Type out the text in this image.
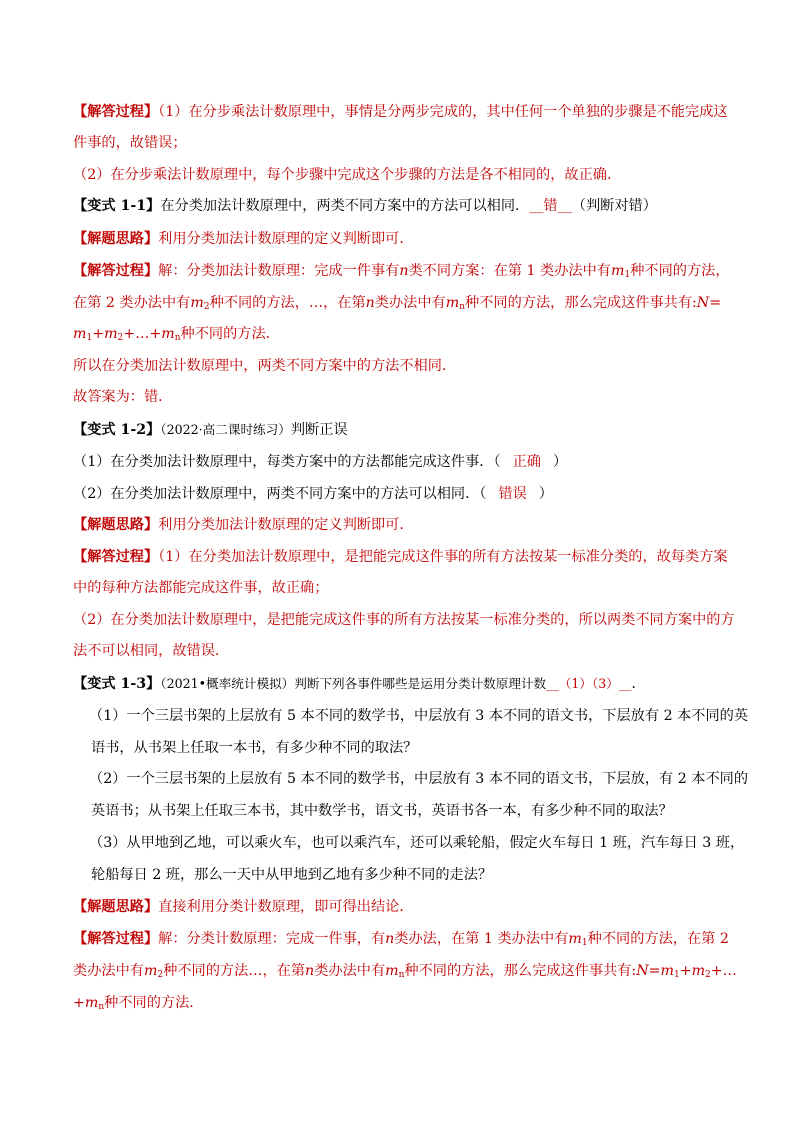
【解答过程】（1）在分步乘法计数原理中，事情是分两步完成的，其中任何一个单独的步骤是不能完成这
件事的，故错误；
（2）在分步乘法计数原理中，每个步骤中完成这个步骤的方法是各不相同的，故正确.
【变式 1-1】在分类加法计数原理中，两类不同方案中的方法可以相同．__错__（判断对错）
【解题思路】利用分类加法计数原理的定义判断即可．
【解答过程】解：分类加法计数原理：完成一件事有n类不同方案：在第 1 类办法中有$m_1$种不同的方法，
在第 2 类办法中有$m_2$种不同的方法，…，在第n类办法中有$m_n$种不同的方法，那么完成这件事共有:N=
$m_1+m_2+\dots+m_n$种不同的方法．
所以在分类加法计数原理中，两类不同方案中的方法不相同．
故答案为：错．
【变式 1-2】（2022·高二课时练习）判断正误
（1）在分类加法计数原理中，每类方案中的方法都能完成这件事．（ 正确 ）
（2）在分类加法计数原理中，两类不同方案中的方法可以相同．（ 错误 ）
【解题思路】利用分类加法计数原理的定义判断即可．
【解答过程】（1）在分类加法计数原理中，是把能完成这件事的所有方法按某一标准分类的，故每类方案
中的每种方法都能完成这件事，故正确；
（2）在分类加法计数原理中，是把能完成这件事的所有方法按某一标准分类的，所以两类不同方案中的方
法不可以相同，故错误.
【变式 1-3】（2021•概率统计模拟）判断下列各事件哪些是运用分类计数原理计数__（1）（3）__．
（1）一个三层书架的上层放有 5 本不同的数学书，中层放有 3 本不同的语文书，下层放有 2 本不同的英
语书，从书架上任取一本书，有多少种不同的取法？
（2）一个三层书架的上层放有 5 本不同的数学书，中层放有 3 本不同的语文书，下层放，有 2 本不同的
英语书；从书架上任取三本书，其中数学书，语文书，英语书各一本，有多少种不同的取法？
（3）从甲地到乙地，可以乘火车，也可以乘汽车，还可以乘轮船，假定火车每日 1 班，汽车每日 3 班，
轮船每日 2 班，那么一天中从甲地到乙地有多少种不同的走法？
【解题思路】直接利用分类计数原理，即可得出结论．
【解答过程】解：分类计数原理：完成一件事，有n类办法，在第 1 类办法中有$m_1$种不同的方法，在第 2
类办法中有$m_2$种不同的方法…，在第n类办法中有$m_n$种不同的方法，那么完成这件事共有$:N=m_1+m_2+\dots$
$+m_n$种不同的方法．
